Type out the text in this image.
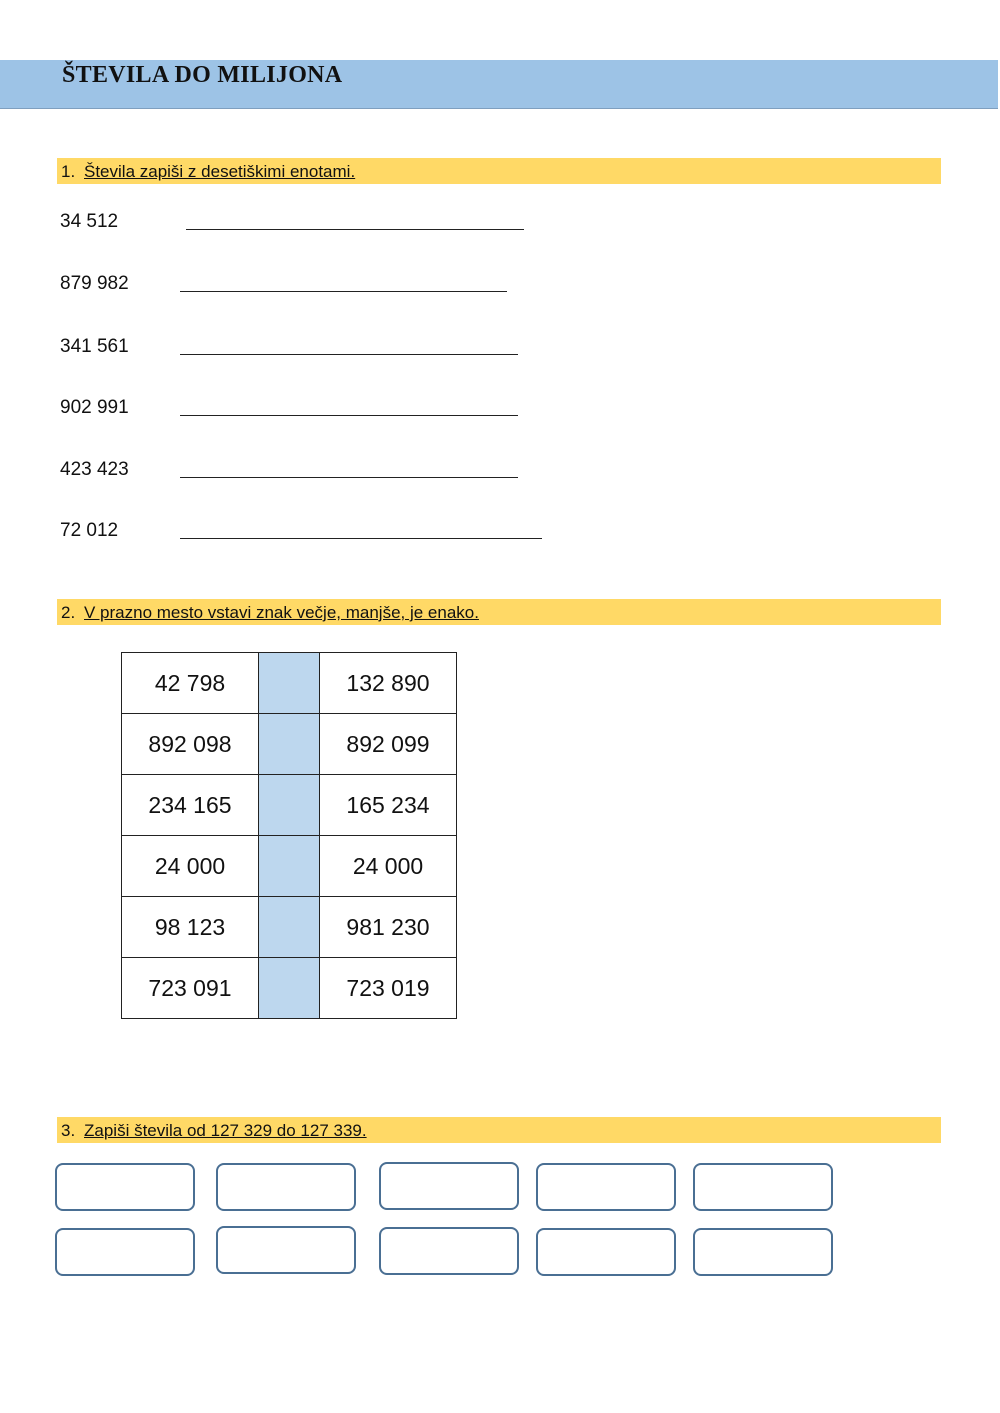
ŠTEVILA DO MILIJONA
1. Števila zapiši z desetiškimi enotami.
34 512
879 982
341 561
902 991
423 423
72 012
2. V prazno mesto vstavi znak večje, manjše, je enako.
42 798		132 890
892 098		892 099
234 165		165 234
24 000		24 000
98 123		981 230
723 091		723 019
3. Zapiši števila od 127 329 do 127 339.
